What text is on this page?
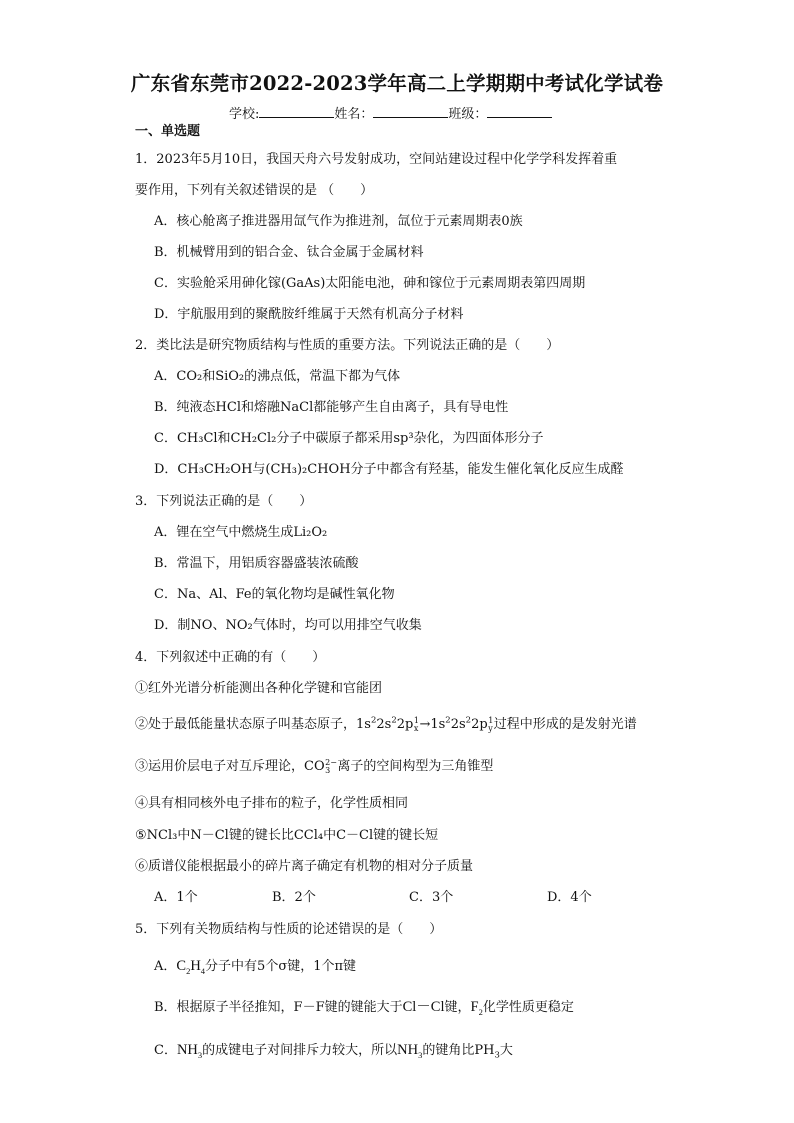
广东省东莞市2022-2023学年高二上学期期中考试化学试卷
学校:	姓名：	班级：
一、单选题
1．2023年5月10日，我国天舟六号发射成功，空间站建设过程中化学学科发挥着重
要作用，下列有关叙述错误的是 （　　）
A．核心舱离子推进器用氙气作为推进剂，氙位于元素周期表0族
B．机械臂用到的铝合金、钛合金属于金属材料
C．实验舱采用砷化镓(GaAs)太阳能电池，砷和镓位于元素周期表第四周期
D．宇航服用到的聚酰胺纤维属于天然有机高分子材料
2．类比法是研究物质结构与性质的重要方法。下列说法正确的是（　　）
A．CO₂和SiO₂的沸点低，常温下都为气体
B．纯液态HCl和熔融NaCl都能够产生自由离子，具有导电性
C．CH₃Cl和CH₂Cl₂分子中碳原子都采用sp³杂化，为四面体形分子
D．CH₃CH₂OH与(CH₃)₂CHOH分子中都含有羟基，能发生催化氧化反应生成醛
3．下列说法正确的是（　　）
A．锂在空气中燃烧生成Li₂O₂
B．常温下，用铝质容器盛装浓硫酸
C．Na、Al、Fe的氧化物均是碱性氧化物
D．制NO、NO₂气体时，均可以用排空气收集
4．下列叙述中正确的有（　　）
①红外光谱分析能测出各种化学键和官能团
②处于最低能量状态原子叫基态原子，$1s^22s^22p$ 1
$x \to 1s^22s^22p$ 1
y 过程中形成的是发射光谱
③运用价层电子对互斥理论，CO 2−
3 离子的空间构型为三角锥型
④具有相同核外电子排布的粒子，化学性质相同
⑤NCl₃中N－Cl键的键长比CCl₄中C－Cl键的键长短
⑥质谱仪能根据最小的碎片离子确定有机物的相对分子质量
A．1个	B．2个	C．3个	D．4个
5．下列有关物质结构与性质的论述错误的是（　　）
A．$C_2H_4$分子中有5个σ键，1个π键
B．根据原子半径推知，F－F键的键能大于Cl－Cl键，$F_2$化学性质更稳定
C．$NH_3$的成键电子对间排斥力较大，所以$NH_3$的键角比$PH_3$大
